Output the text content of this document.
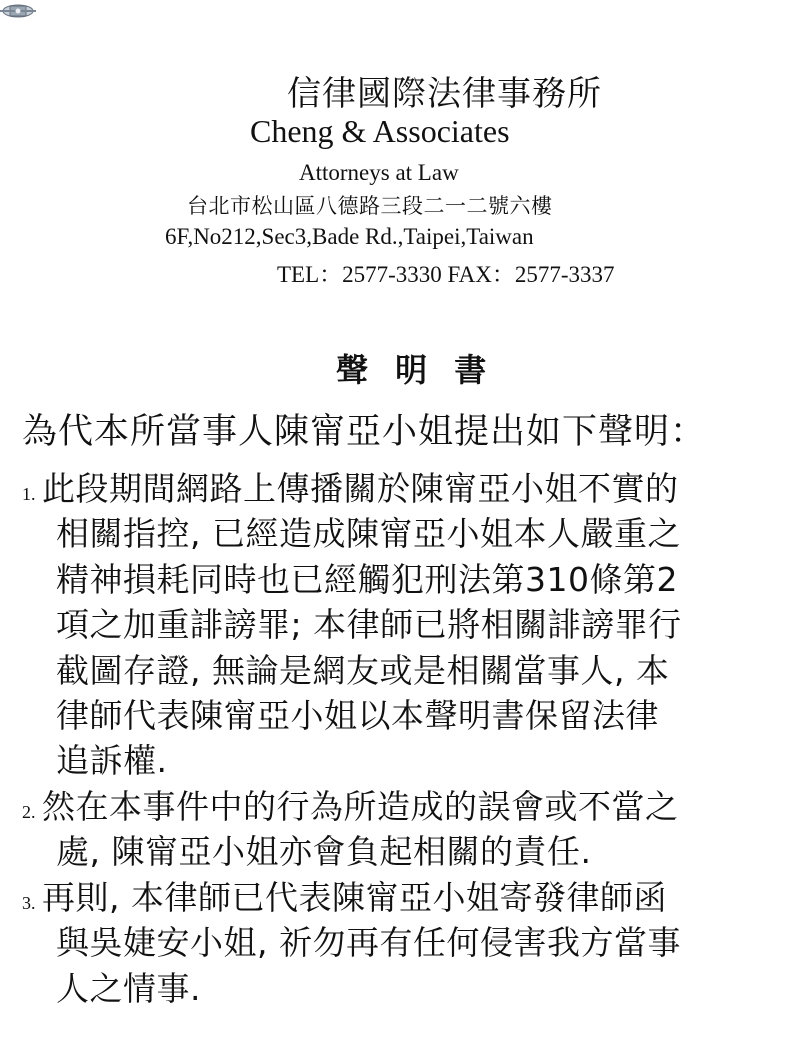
信律國際法律事務所
Cheng & Associates
Attorneys at Law
台北市松山區八德路三段二一二號六樓
6F,No212,Sec3,Bade Rd.,Taipei,Taiwan
TEL：2577-3330 FAX：2577-3337
聲 明 書
為代本所當事人陳甯亞小姐提出如下聲明：
1. 此段期間網路上傳播關於陳甯亞小姐不實的
相關指控, 已經造成陳甯亞小姐本人嚴重之
精神損耗同時也已經觸犯刑法第310條第2
項之加重誹謗罪; 本律師已將相關誹謗罪行
截圖存證, 無論是網友或是相關當事人, 本
律師代表陳甯亞小姐以本聲明書保留法律
追訴權.
2. 然在本事件中的行為所造成的誤會或不當之
處, 陳甯亞小姐亦會負起相關的責任.
3. 再則, 本律師已代表陳甯亞小姐寄發律師函
與吳婕安小姐, 祈勿再有任何侵害我方當事
人之情事.
